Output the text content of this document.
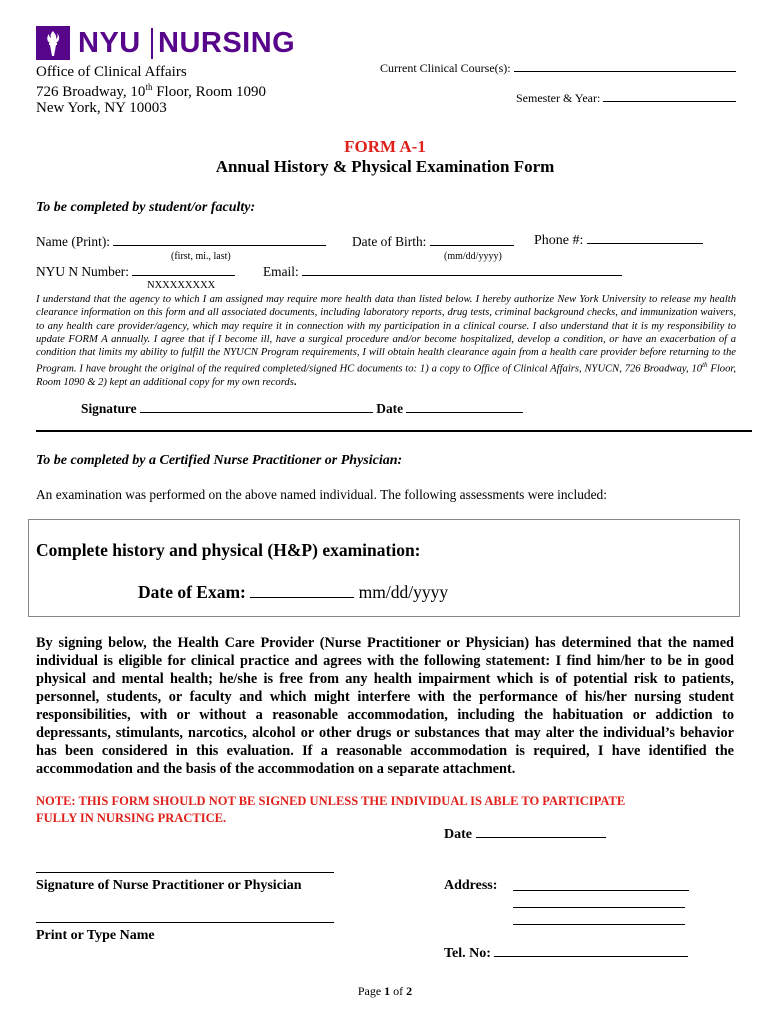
NYU NURSING
Office of Clinical Affairs
726 Broadway, 10th Floor, Room 1090
New York, NY 10003
Current Clinical Course(s):
Semester & Year:
FORM A-1
Annual History & Physical Examination Form
To be completed by student/or faculty:
Name (Print):	Date of Birth:	Phone #:
(first, mi., last)	(mm/dd/yyyy)
NYU N Number:	Email:
NXXXXXXXX
I understand that the agency to which I am assigned may require more health data than listed below. I hereby authorize New York University to release my health clearance information on this form and all associated documents, including laboratory reports, drug tests, criminal background checks, and immunization waivers, to any health care provider/agency, which may require it in connection with my participation in a clinical course. I also understand that it is my responsibility to update FORM A annually. I agree that if I become ill, have a surgical procedure and/or become hospitalized, develop a condition, or have an exacerbation of a condition that limits my ability to fulfill the NYUCN Program requirements, I will obtain health clearance again from a health care provider before returning to the Program. I have brought the original of the required completed/signed HC documents to: 1) a copy to Office of Clinical Affairs, NYUCN, 726 Broadway, 10th Floor, Room 1090 & 2) kept an additional copy for my own records.
Signature	Date
To be completed by a Certified Nurse Practitioner or Physician:
An examination was performed on the above named individual. The following assessments were included:
Complete history and physical (H&P) examination:
Date of Exam:	mm/dd/yyyy
By signing below, the Health Care Provider (Nurse Practitioner or Physician) has determined that the named individual is eligible for clinical practice and agrees with the following statement: I find him/her to be in good physical and mental health; he/she is free from any health impairment which is of potential risk to patients, personnel, students, or faculty and which might interfere with the performance of his/her nursing student responsibilities, with or without a reasonable accommodation, including the habituation or addiction to depressants, stimulants, narcotics, alcohol or other drugs or substances that may alter the individual’s behavior has been considered in this evaluation. If a reasonable accommodation is required, I have identified the accommodation and the basis of the accommodation on a separate attachment.
NOTE: THIS FORM SHOULD NOT BE SIGNED UNLESS THE INDIVIDUAL IS ABLE TO PARTICIPATE
FULLY IN NURSING PRACTICE.
Date
Signature of Nurse Practitioner or Physician	Address:
Print or Type Name
Tel. No:
Page 1 of 2
